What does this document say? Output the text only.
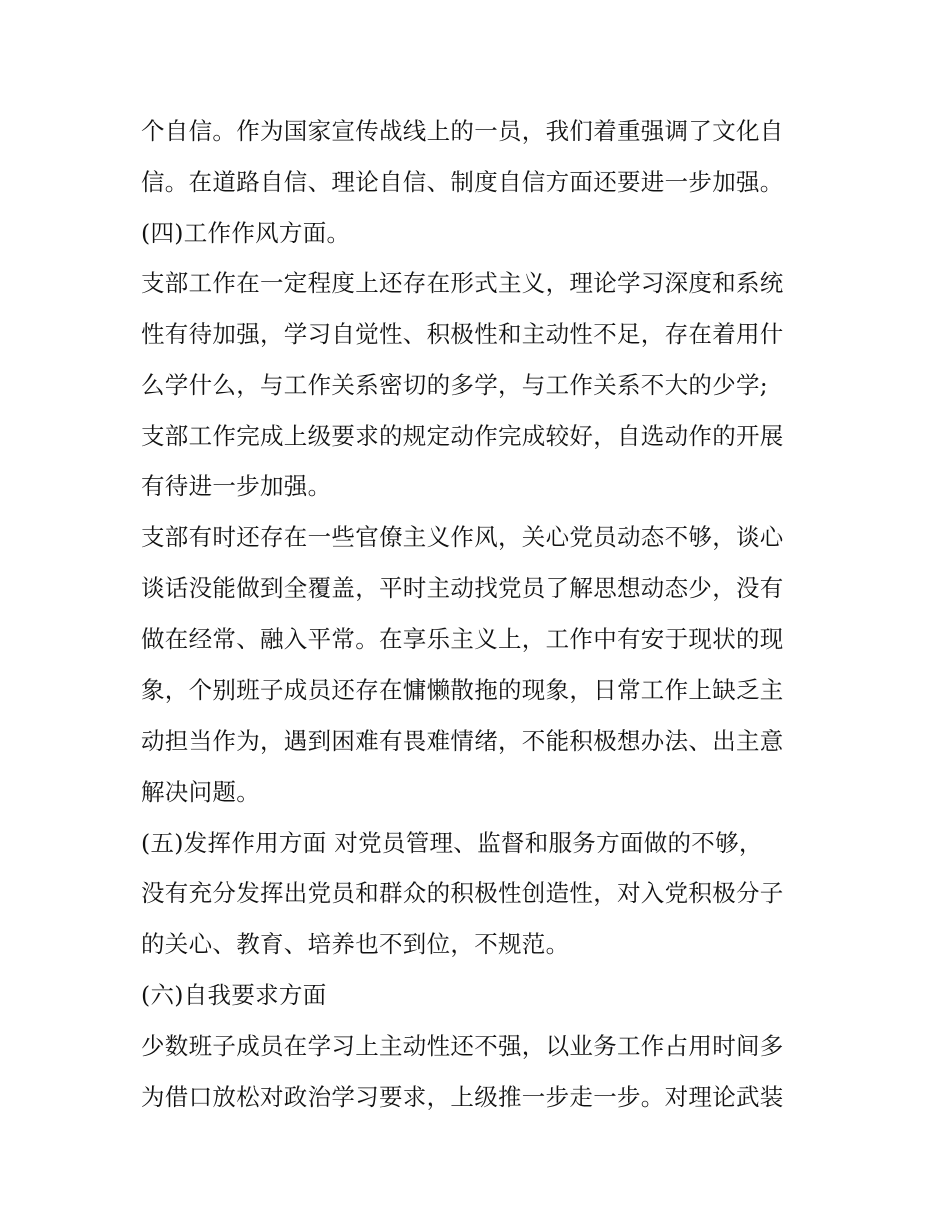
个自信。作为国家宣传战线上的一员，我们着重强调了文化自
信。在道路自信、理论自信、制度自信方面还要进一步加强。
(四)工作作风方面。
支部工作在一定程度上还存在形式主义，理论学习深度和系统
性有待加强，学习自觉性、积极性和主动性不足，存在着用什
么学什么，与工作关系密切的多学，与工作关系不大的少学;
支部工作完成上级要求的规定动作完成较好，自选动作的开展
有待进一步加强。
支部有时还存在一些官僚主义作风，关心党员动态不够，谈心
谈话没能做到全覆盖，平时主动找党员了解思想动态少，没有
做在经常、融入平常。在享乐主义上，工作中有安于现状的现
象，个别班子成员还存在慵懒散拖的现象，日常工作上缺乏主
动担当作为，遇到困难有畏难情绪，不能积极想办法、出主意
解决问题。
(五)发挥作用方面 对党员管理、监督和服务方面做的不够，
没有充分发挥出党员和群众的积极性创造性，对入党积极分子
的关心、教育、培养也不到位，不规范。
(六)自我要求方面
少数班子成员在学习上主动性还不强，以业务工作占用时间多
为借口放松对政治学习要求，上级推一步走一步。对理论武装
